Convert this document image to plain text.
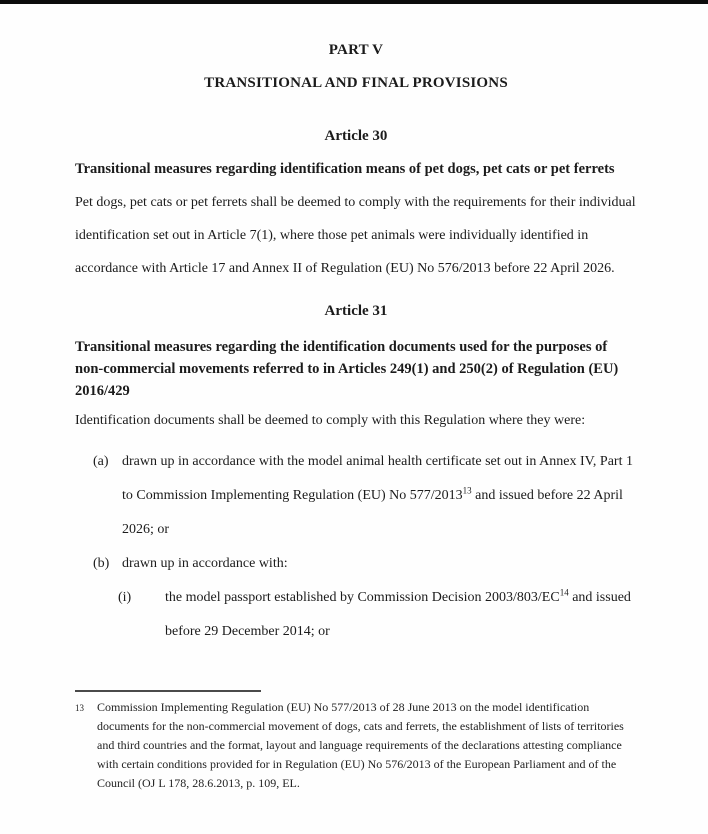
PART V
TRANSITIONAL AND FINAL PROVISIONS
Article 30
Transitional measures regarding identification means of pet dogs, pet cats or pet ferrets
Pet dogs, pet cats or pet ferrets shall be deemed to comply with the requirements for their individual identification set out in Article 7(1), where those pet animals were individually identified in accordance with Article 17 and Annex II of Regulation (EU) No 576/2013 before 22 April 2026.
Article 31
Transitional measures regarding the identification documents used for the purposes of non-commercial movements referred to in Articles 249(1) and 250(2) of Regulation (EU) 2016/429
Identification documents shall be deemed to comply with this Regulation where they were:
(a) drawn up in accordance with the model animal health certificate set out in Annex IV, Part 1 to Commission Implementing Regulation (EU) No 577/2013$^{13}$ and issued before 22 April 2026; or
(b) drawn up in accordance with:
(i)	the model passport established by Commission Decision 2003/803/EC$^{14}$ and issued before 29 December 2014; or
13	Commission Implementing Regulation (EU) No 577/2013 of 28 June 2013 on the model identification documents for the non-commercial movement of dogs, cats and ferrets, the establishment of lists of territories and third countries and the format, layout and language requirements of the declarations attesting compliance with certain conditions provided for in Regulation (EU) No 576/2013 of the European Parliament and of the Council (OJ L 178, 28.6.2013, p. 109, EL.
